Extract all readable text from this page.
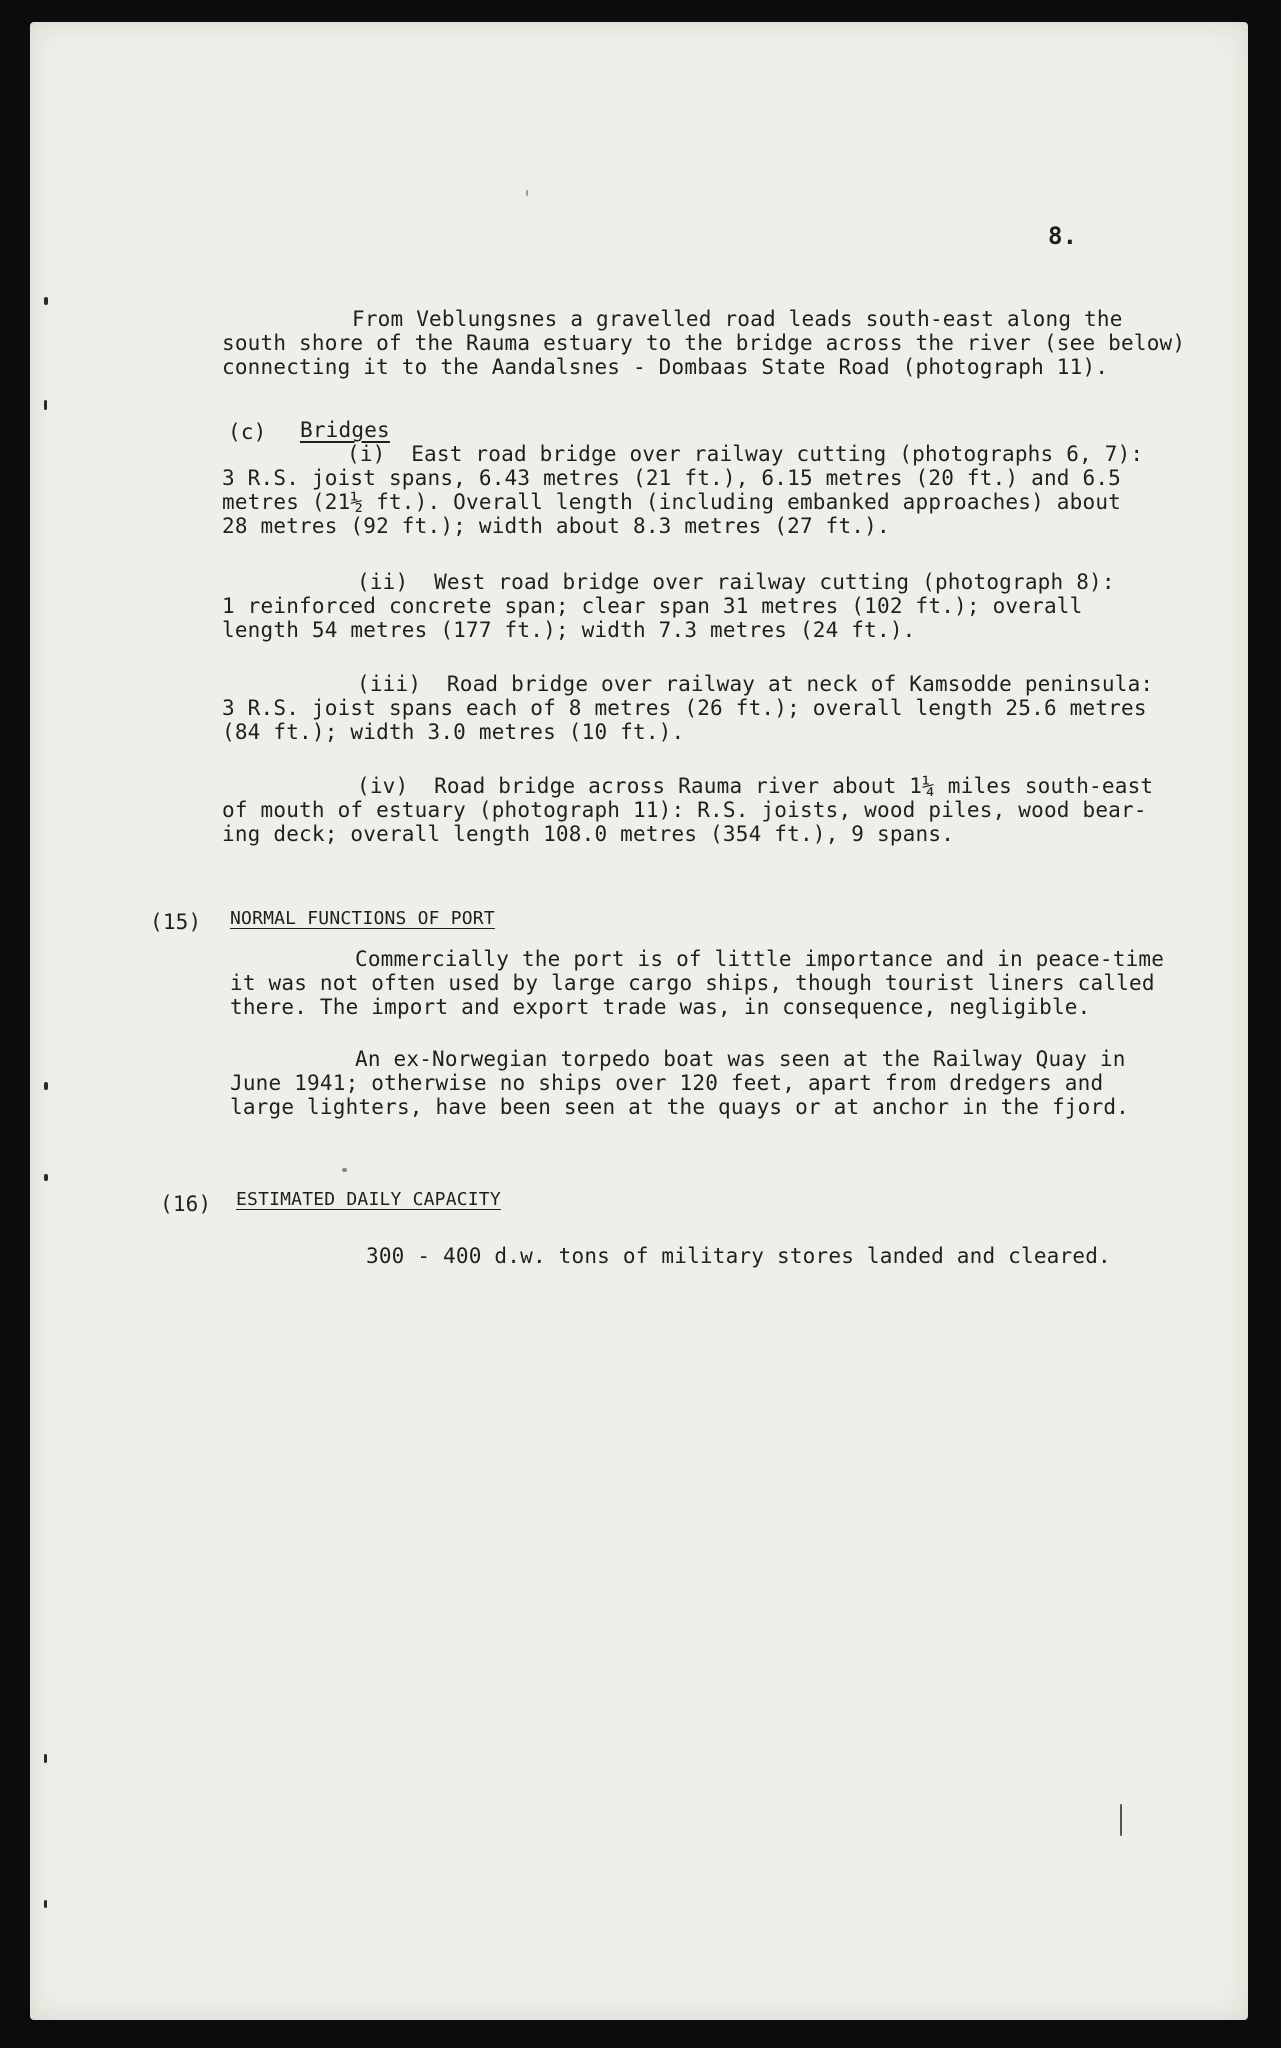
8.
From Veblungsnes a gravelled road leads south-east along the
south shore of the Rauma estuary to the bridge across the river (see below)
connecting it to the Aandalsnes - Dombaas State Road (photograph 11).
(c) Bridges
(i) East road bridge over railway cutting (photographs 6, 7):
3 R.S. joist spans, 6.43 metres (21 ft.), 6.15 metres (20 ft.) and 6.5
metres (21½ ft.). Overall length (including embanked approaches) about
28 metres (92 ft.); width about 8.3 metres (27 ft.).
(ii) West road bridge over railway cutting (photograph 8):
1 reinforced concrete span; clear span 31 metres (102 ft.); overall
length 54 metres (177 ft.); width 7.3 metres (24 ft.).
(iii) Road bridge over railway at neck of Kamsodde peninsula:
3 R.S. joist spans each of 8 metres (26 ft.); overall length 25.6 metres
(84 ft.); width 3.0 metres (10 ft.).
(iv) Road bridge across Rauma river about 1¼ miles south-east
of mouth of estuary (photograph 11): R.S. joists, wood piles, wood bear-
ing deck; overall length 108.0 metres (354 ft.), 9 spans.
(15) NORMAL FUNCTIONS OF PORT
Commercially the port is of little importance and in peace-time
it was not often used by large cargo ships, though tourist liners called
there. The import and export trade was, in consequence, negligible.
An ex-Norwegian torpedo boat was seen at the Railway Quay in
June 1941; otherwise no ships over 120 feet, apart from dredgers and
large lighters, have been seen at the quays or at anchor in the fjord.
(16) ESTIMATED DAILY CAPACITY
300 - 400 d.w. tons of military stores landed and cleared.
